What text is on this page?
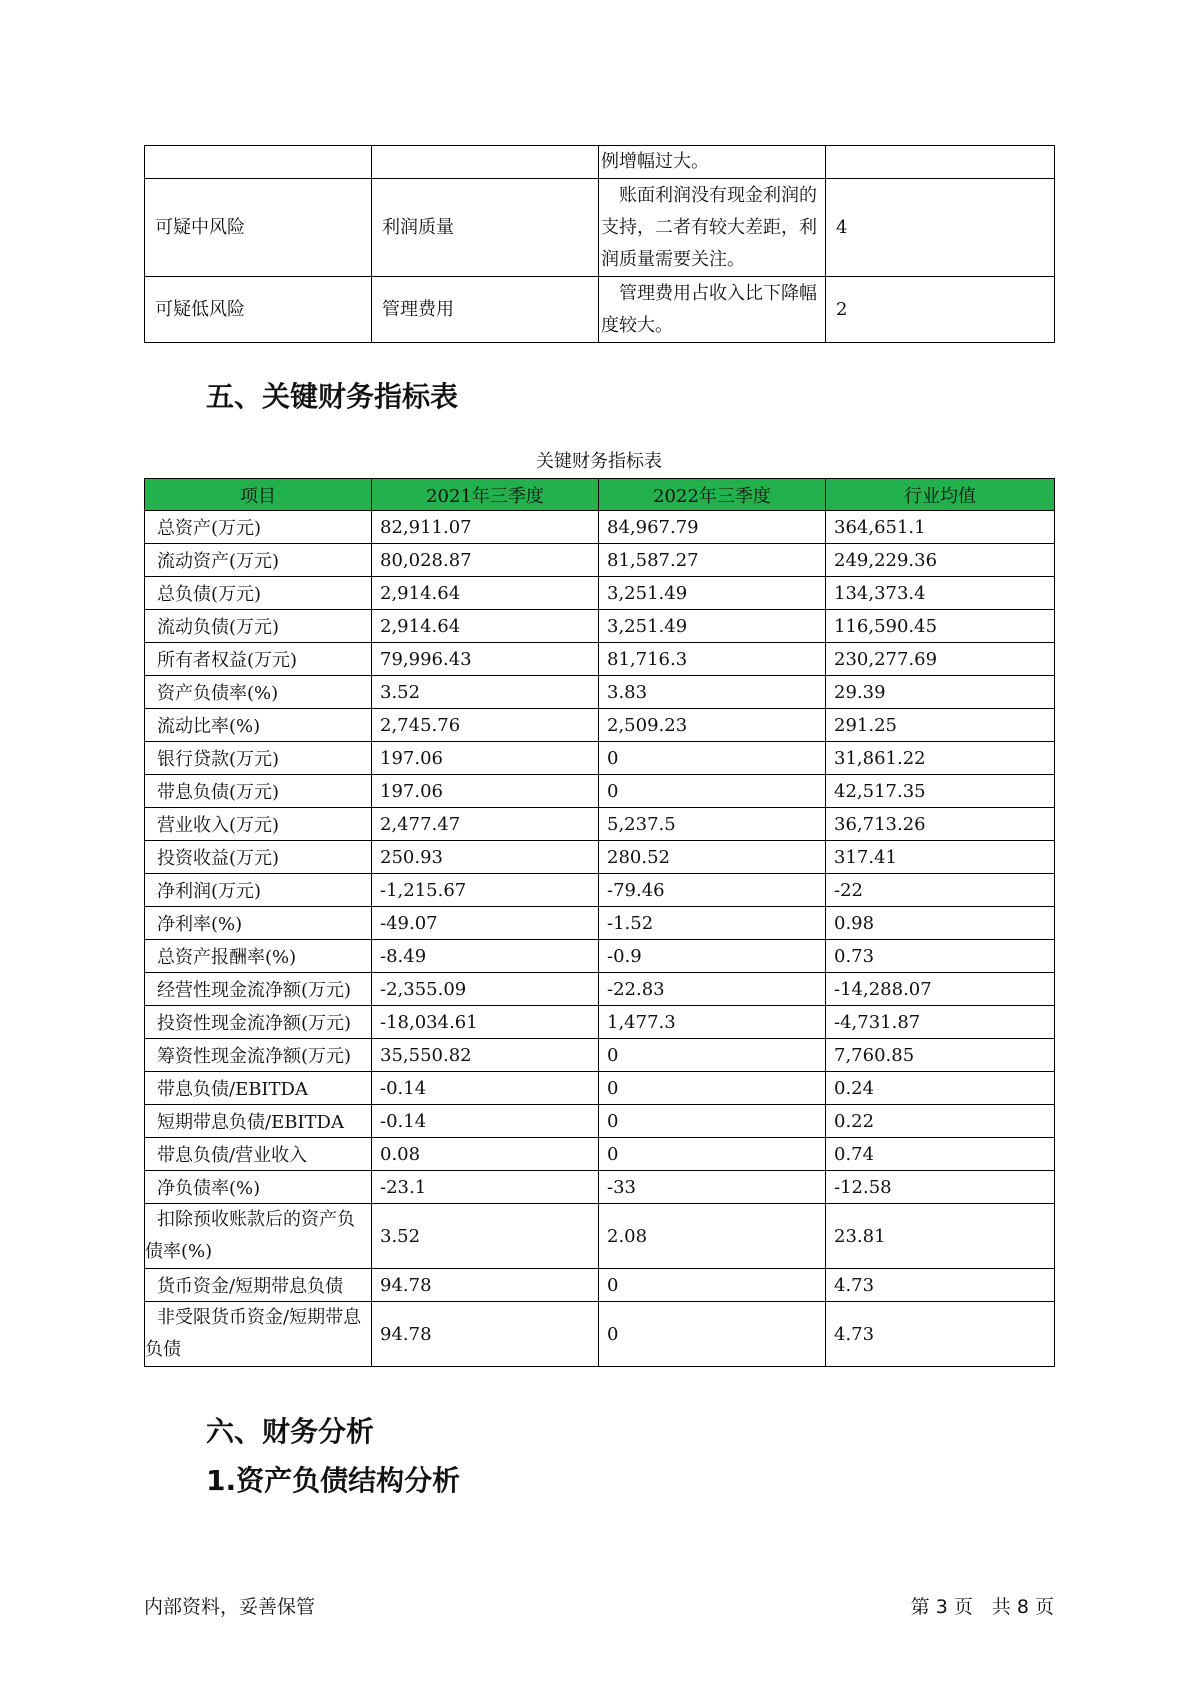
		例增幅过大。	
可疑中风险	利润质量	　账面利润没有现金利润的支持，二者有较大差距，利润质量需要关注。	4
可疑低风险	管理费用	　管理费用占收入比下降幅度较大。	2
五、关键财务指标表
关键财务指标表
项目	2021年三季度	2022年三季度	行业均值
总资产(万元)	82,911.07	84,967.79	364,651.1
流动资产(万元)	80,028.87	81,587.27	249,229.36
总负债(万元)	2,914.64	3,251.49	134,373.4
流动负债(万元)	2,914.64	3,251.49	116,590.45
所有者权益(万元)	79,996.43	81,716.3	230,277.69
资产负债率(%)	3.52	3.83	29.39
流动比率(%)	2,745.76	2,509.23	291.25
银行贷款(万元)	197.06	0	31,861.22
带息负债(万元)	197.06	0	42,517.35
营业收入(万元)	2,477.47	5,237.5	36,713.26
投资收益(万元)	250.93	280.52	317.41
净利润(万元)	-1,215.67	-79.46	-22
净利率(%)	-49.07	-1.52	0.98
总资产报酬率(%)	-8.49	-0.9	0.73
经营性现金流净额(万元)	-2,355.09	-22.83	-14,288.07
投资性现金流净额(万元)	-18,034.61	1,477.3	-4,731.87
筹资性现金流净额(万元)	35,550.82	0	7,760.85
带息负债/EBITDA	-0.14	0	0.24
短期带息负债/EBITDA	-0.14	0	0.22
带息负债/营业收入	0.08	0	0.74
净负债率(%)	-23.1	-33	-12.58
扣除预收账款后的资产负债率(%)	3.52	2.08	23.81
货币资金/短期带息负债	94.78	0	4.73
非受限货币资金/短期带息负债	94.78	0	4.73
六、财务分析
1.资产负债结构分析
内部资料，妥善保管	第 3 页　共 8 页
